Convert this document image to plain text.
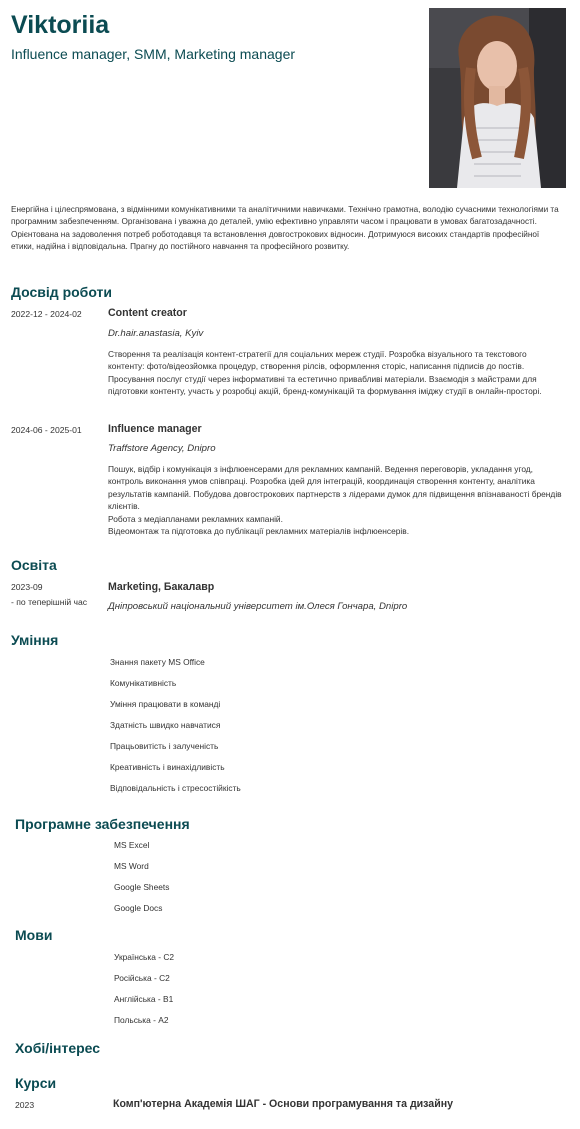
Viktoriia
Influence manager, SMM, Marketing manager
Енергійна і цілеспрямована, з відмінними комунікативними та аналітичними навичками. Технічно грамотна, володію сучасними технологіями та програмним забезпеченням. Організована і уважна до деталей, умію ефективно управляти часом і працювати в умовах багатозадачності. Орієнтована на задоволення потреб роботодавця та встановлення довгострокових відносин. Дотримуюся високих стандартів професійної етики, надійна і відповідальна. Прагну до постійного навчання та професійного розвитку.
Досвід роботи
2022-12 - 2024-02 Content creator
Dr.hair.anastasia, Kyiv
Створення та реалізація контент-стратегії для соціальних мереж студії. Розробка візуального та текстового контенту: фото/відеозйомка процедур, створення рілсів, оформлення сторіс, написання підписів до постів. Просування послуг студії через інформативні та естетично привабливі матеріали. Взаємодія з майстрами для підготовки контенту, участь у розробці акцій, бренд-комунікацій та формування іміджу студії в онлайн-просторі.
2024-06 - 2025-01 Influence manager
Traffstore Agency, Dnipro
Пошук, відбір і комунікація з інфлюенсерами для рекламних кампаній. Ведення переговорів, укладання угод, контроль виконання умов співпраці. Розробка ідей для інтеграцій, координація створення контенту, аналітика результатів кампаній. Побудова довгострокових партнерств з лідерами думок для підвищення впізнаваності брендів клієнтів.
Робота з медіапланами рекламних кампаній.
Відеомонтаж та підготовка до публікації рекламних матеріалів інфлюенсерів.
Освіта
2023-09
- по теперішній час
Marketing, Бакалавр
Дніпровський національний університет ім.Олеся Гончара, Dnipro
Уміння
Знання пакету MS Office
Комунікативність
Уміння працювати в команді
Здатність швидко навчатися
Працьовитість і залученість
Креативність і винахідливість
Відповідальність і стресостійкість
Програмне забезпечення
MS Excel
MS Word
Google Sheets
Google Docs
Мови
Українська - С2
Російська - С2
Англійська - В1
Польська - А2
Хобі/інтерес
Курси
2023	Комп'ютерна Академія ШАГ - Основи програмування та дизайну
